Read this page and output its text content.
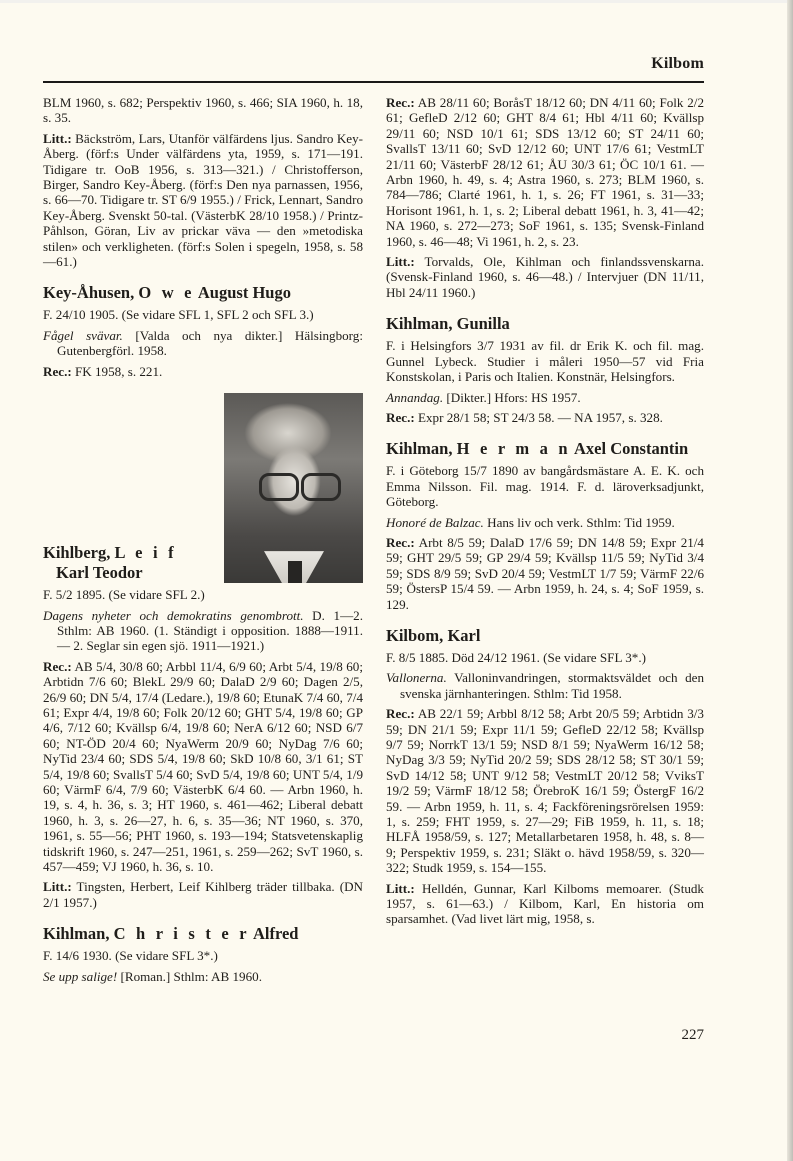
Kilbom

BLM 1960, s. 682; Perspektiv 1960, s. 466; SIA 1960, h. 18, s. 35.

Litt.: Bäckström, Lars, Utanför välfärdens ljus. Sandro Key-Åberg. (förf:s Under välfärdens yta, 1959, s. 171—191. Tidigare tr. OoB 1956, s. 313—321.) / Christofferson, Birger, Sandro Key-Åberg. (förf:s Den nya parnassen, 1956, s. 66—70. Tidigare tr. ST 6/9 1955.) / Frick, Lennart, Sandro Key-Åberg. Svenskt 50-tal. (VästerbK 28/10 1958.) / Printz-Påhlson, Göran, Liv av prickar väva — den »metodiska stilen» och verkligheten. (förf:s Solen i spegeln, 1958, s. 58—61.)

Key-Åhusen, O w e August Hugo

F. 24/10 1905. (Se vidare SFL 1, SFL 2 och SFL 3.)

Fågel svävar. [Valda och nya dikter.] Hälsingborg: Gutenbergförl. 1958.

Rec.: FK 1958, s. 221.

Kihlberg, L e i f
Karl Teodor

F. 5/2 1895. (Se vidare SFL 2.)

Dagens nyheter och demokratins genombrott. D. 1—2. Sthlm: AB 1960. (1. Ständigt i opposition. 1888—1911. — 2. Seglar sin egen sjö. 1911—1921.)

Rec.: AB 5/4, 30/8 60; Arbbl 11/4, 6/9 60; Arbt 5/4, 19/8 60; Arbtidn 7/6 60; BlekL 29/9 60; DalaD 2/9 60; Dagen 2/5, 26/9 60; DN 5/4, 17/4 (Ledare.), 19/8 60; EtunaK 7/4 60, 7/4 61; Expr 4/4, 19/8 60; Folk 20/12 60; GHT 5/4, 19/8 60; GP 4/6, 7/12 60; Kvällsp 6/4, 19/8 60; NerA 6/12 60; NSD 6/7 60; NT-ÖD 20/4 60; NyaWerm 20/9 60; NyDag 7/6 60; NyTid 23/4 60; SDS 5/4, 19/8 60; SkD 10/8 60, 3/1 61; ST 5/4, 19/8 60; SvallsT 5/4 60; SvD 5/4, 19/8 60; UNT 5/4, 1/9 60; VärmF 6/4, 7/9 60; VästerbK 6/4 60. — Arbn 1960, h. 19, s. 4, h. 36, s. 3; HT 1960, s. 461—462; Liberal debatt 1960, h. 3, s. 26—27, h. 6, s. 35—36; NT 1960, s. 370, 1961, s. 55—56; PHT 1960, s. 193—194; Statsvetenskaplig tidskrift 1960, s. 247—251, 1961, s. 259—262; SvT 1960, s. 457—459; VJ 1960, h. 36, s. 10.

Litt.: Tingsten, Herbert, Leif Kihlberg träder tillbaka. (DN 2/1 1957.)

Kihlman, C h r i s t e r Alfred

F. 14/6 1930. (Se vidare SFL 3*.)

Se upp salige! [Roman.] Sthlm: AB 1960.

Rec.: AB 28/11 60; BoråsT 18/12 60; DN 4/11 60; Folk 2/2 61; GefleD 2/12 60; GHT 8/4 61; Hbl 4/11 60; Kvällsp 29/11 60; NSD 10/1 61; SDS 13/12 60; ST 24/11 60; SvallsT 13/11 60; SvD 12/12 60; UNT 17/6 61; VestmLT 21/11 60; VästerbF 28/12 61; ÅU 30/3 61; ÖC 10/1 61. — Arbn 1960, h. 49, s. 4; Astra 1960, s. 273; BLM 1960, s. 784—786; Clarté 1961, h. 1, s. 26; FT 1961, s. 31—33; Horisont 1961, h. 1, s. 2; Liberal debatt 1961, h. 3, 41—42; NA 1960, s. 272—273; SoF 1961, s. 135; Svensk-Finland 1960, s. 46—48; Vi 1961, h. 2, s. 23.

Litt.: Torvalds, Ole, Kihlman och finlandssvenskarna. (Svensk-Finland 1960, s. 46—48.) / Intervjuer (DN 11/11, Hbl 24/11 1960.)

Kihlman, Gunilla

F. i Helsingfors 3/7 1931 av fil. dr Erik K. och fil. mag. Gunnel Lybeck. Studier i måleri 1950—57 vid Fria Konstskolan, i Paris och Italien. Konstnär, Helsingfors.

Annandag. [Dikter.] Hfors: HS 1957.

Rec.: Expr 28/1 58; ST 24/3 58. — NA 1957, s. 328.

Kihlman, H e r m a n Axel Constantin

F. i Göteborg 15/7 1890 av bangårdsmästare A. E. K. och Emma Nilsson. Fil. mag. 1914. F. d. läroverksadjunkt, Göteborg.

Honoré de Balzac. Hans liv och verk. Sthlm: Tid 1959.

Rec.: Arbt 8/5 59; DalaD 17/6 59; DN 14/8 59; Expr 21/4 59; GHT 29/5 59; GP 29/4 59; Kvällsp 11/5 59; NyTid 3/4 59; SDS 8/9 59; SvD 20/4 59; VestmLT 1/7 59; VärmF 22/6 59; ÖstersP 15/4 59. — Arbn 1959, h. 24, s. 4; SoF 1959, s. 129.

Kilbom, Karl

F. 8/5 1885. Död 24/12 1961. (Se vidare SFL 3*.)

Vallonerna. Valloninvandringen, stormaktsväldet och den svenska järnhanteringen. Sthlm: Tid 1958.

Rec.: AB 22/1 59; Arbbl 8/12 58; Arbt 20/5 59; Arbtidn 3/3 59; DN 21/1 59; Expr 11/1 59; GefleD 22/12 58; Kvällsp 9/7 59; NorrkT 13/1 59; NSD 8/1 59; NyaWerm 16/12 58; NyDag 3/3 59; NyTid 20/2 59; SDS 28/12 58; ST 30/1 59; SvD 14/12 58; UNT 9/12 58; VestmLT 20/12 58; VviksT 19/2 59; VärmF 18/12 58; ÖrebroK 16/1 59; ÖstergF 16/2 59. — Arbn 1959, h. 11, s. 4; Fackföreningsrörelsen 1959: 1, s. 259; FHT 1959, s. 27—29; FiB 1959, h. 11, s. 18; HLFÅ 1958/59, s. 127; Metallarbetaren 1958, h. 48, s. 8—9; Perspektiv 1959, s. 231; Släkt o. hävd 1958/59, s. 320—322; Studk 1959, s. 154—155.

Litt.: Helldén, Gunnar, Karl Kilboms memoarer. (Studk 1957, s. 61—63.) / Kilbom, Karl, En historia om sparsamhet. (Vad livet lärt mig, 1958, s.

227
